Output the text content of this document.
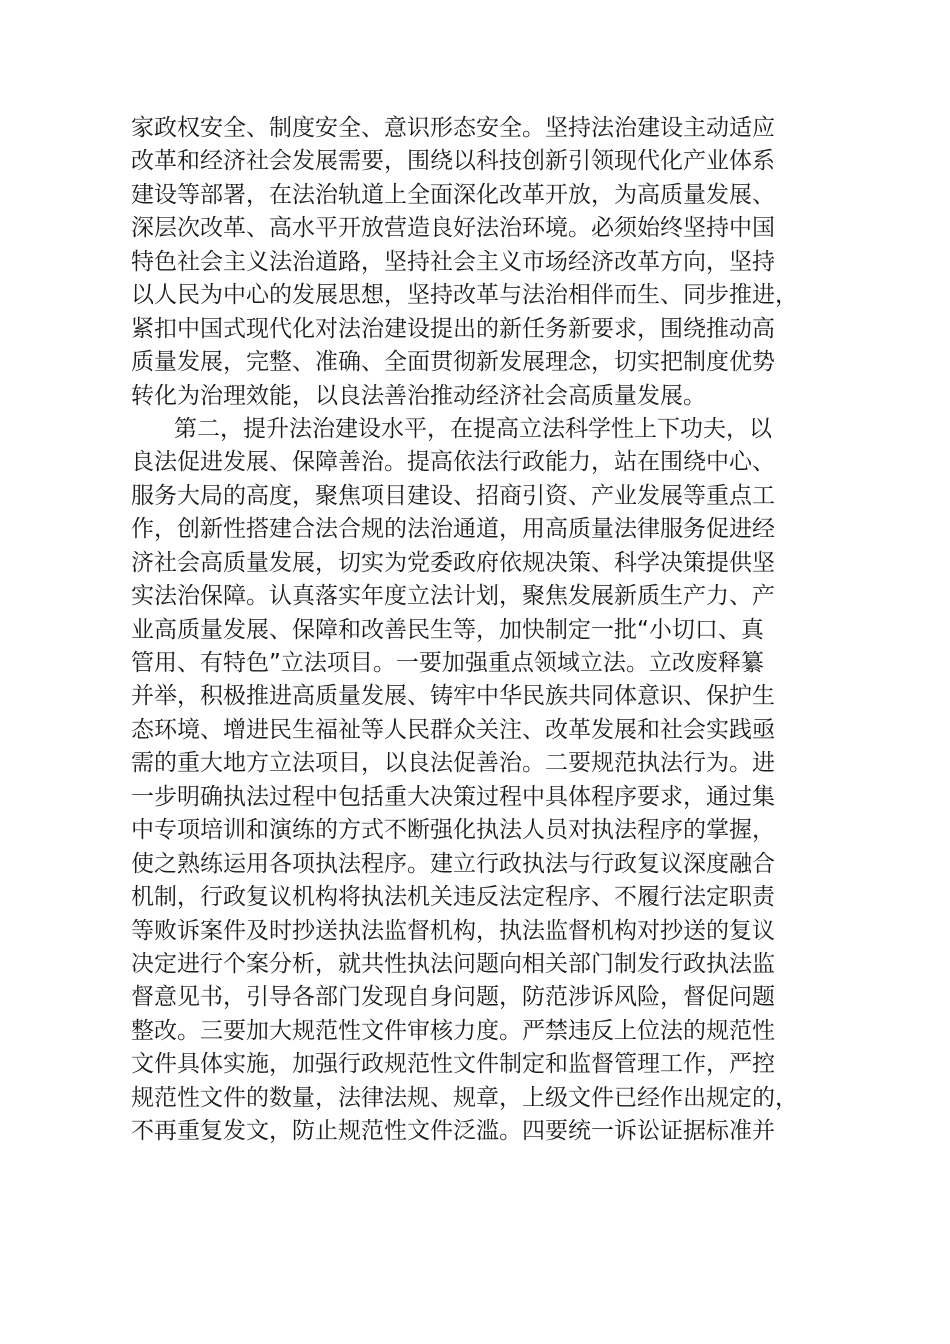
家政权安全、制度安全、意识形态安全。坚持法治建设主动适应
改革和经济社会发展需要，围绕以科技创新引领现代化产业体系
建设等部署，在法治轨道上全面深化改革开放，为高质量发展、
深层次改革、高水平开放营造良好法治环境。必须始终坚持中国
特色社会主义法治道路，坚持社会主义市场经济改革方向，坚持
以人民为中心的发展思想，坚持改革与法治相伴而生、同步推进，
紧扣中国式现代化对法治建设提出的新任务新要求，围绕推动高
质量发展，完整、准确、全面贯彻新发展理念，切实把制度优势
转化为治理效能，以良法善治推动经济社会高质量发展。
第二，提升法治建设水平，在提高立法科学性上下功夫，以
良法促进发展、保障善治。提高依法行政能力，站在围绕中心、
服务大局的高度，聚焦项目建设、招商引资、产业发展等重点工
作，创新性搭建合法合规的法治通道，用高质量法律服务促进经
济社会高质量发展，切实为党委政府依规决策、科学决策提供坚
实法治保障。认真落实年度立法计划，聚焦发展新质生产力、产
业高质量发展、保障和改善民生等，加快制定一批“小切口、真
管用、有特色”立法项目。一要加强重点领域立法。立改废释纂
并举，积极推进高质量发展、铸牢中华民族共同体意识、保护生
态环境、增进民生福祉等人民群众关注、改革发展和社会实践亟
需的重大地方立法项目，以良法促善治。二要规范执法行为。进
一步明确执法过程中包括重大决策过程中具体程序要求，通过集
中专项培训和演练的方式不断强化执法人员对执法程序的掌握，
使之熟练运用各项执法程序。建立行政执法与行政复议深度融合
机制，行政复议机构将执法机关违反法定程序、不履行法定职责
等败诉案件及时抄送执法监督机构，执法监督机构对抄送的复议
决定进行个案分析，就共性执法问题向相关部门制发行政执法监
督意见书，引导各部门发现自身问题，防范涉诉风险，督促问题
整改。三要加大规范性文件审核力度。严禁违反上位法的规范性
文件具体实施，加强行政规范性文件制定和监督管理工作，严控
规范性文件的数量，法律法规、规章，上级文件已经作出规定的，
不再重复发文，防止规范性文件泛滥。四要统一诉讼证据标准并
